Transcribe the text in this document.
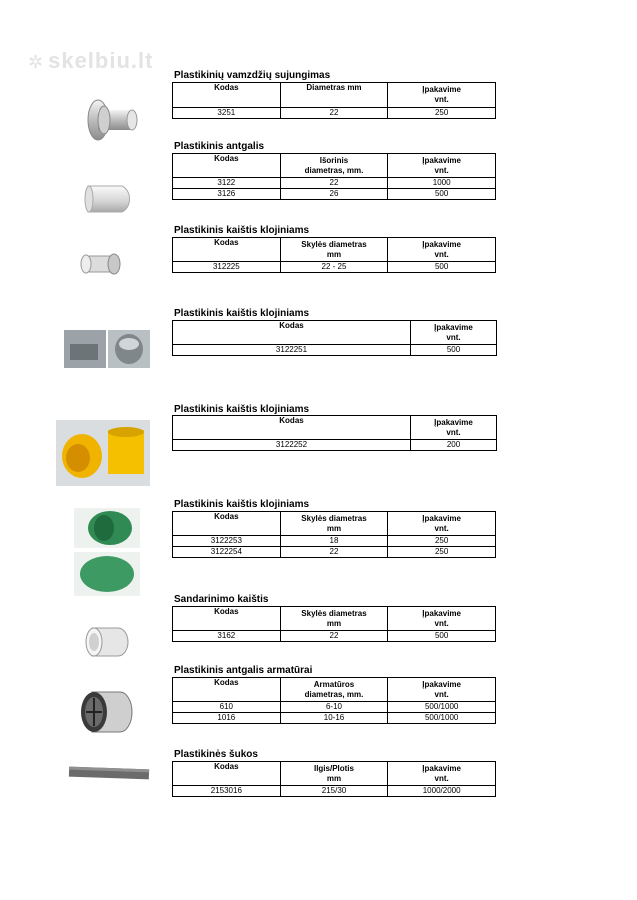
✲ skelbiu.lt
Plastikinių vamzdžių sujungimas
Kodas	Diametras mm	Įpakavime
vnt.
3251	22	250
Plastikinis antgalis
Kodas	Išorinis
diametras, mm.	Įpakavime
vnt.
3122	22	1000
3126	26	500
Plastikinis kaištis klojiniams
Kodas	Skylės diametras
mm	Įpakavime
vnt.
312225	22 - 25	500
Plastikinis kaištis klojiniams
Kodas	Įpakavime
vnt.
3122251	500
Plastikinis kaištis klojiniams
Kodas	Įpakavime
vnt.
3122252	200
Plastikinis kaištis klojiniams
Kodas	Skylės diametras
mm	Įpakavime
vnt.
3122253	18	250
3122254	22	250
Sandarinimo kaištis
Kodas	Skylės diametras
mm	Įpakavime
vnt.
3162	22	500
Plastikinis antgalis armatūrai
Kodas	Armatūros
diametras, mm.	Įpakavime
vnt.
610	6-10	500/1000
1016	10-16	500/1000
Plastikinės šukos
Kodas	Ilgis/Plotis
mm	Įpakavime
vnt.
2153016	215/30	1000/2000
